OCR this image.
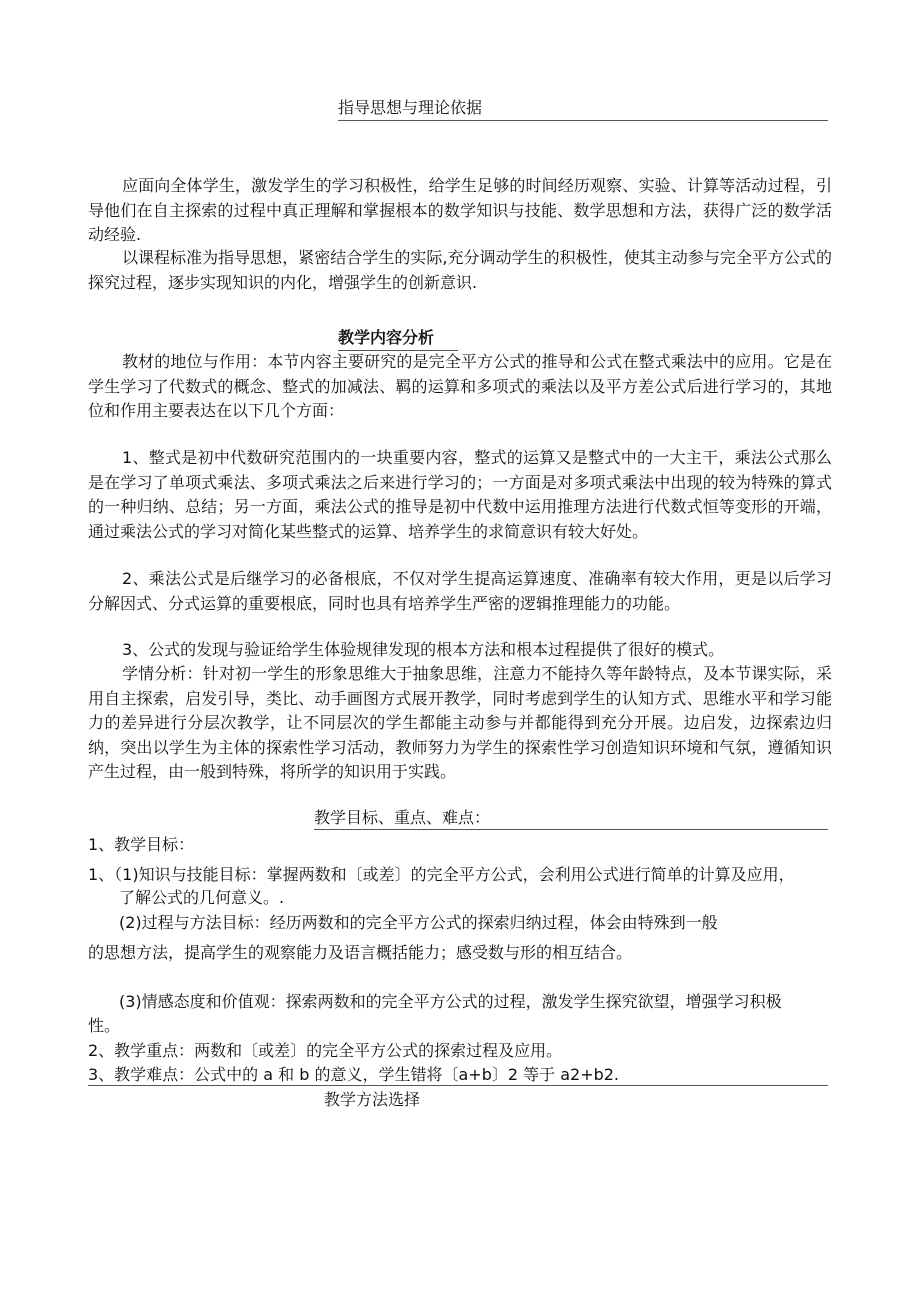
指导思想与理论依据
应面向全体学生，激发学生的学习积极性，给学生足够的时间经历观察、实验、计算等活动过程，引导他们在自主探索的过程中真正理解和掌握根本的数学知识与技能、数学思想和方法，获得广泛的数学活动经验.
以课程标准为指导思想，紧密结合学生的实际,充分调动学生的积极性，使其主动参与完全平方公式的探究过程，逐步实现知识的内化，增强学生的创新意识.
教学内容分析
教材的地位与作用：本节内容主要研究的是完全平方公式的推导和公式在整式乘法中的应用。它是在学生学习了代数式的概念、整式的加减法、羁的运算和多项式的乘法以及平方差公式后进行学习的，其地位和作用主要表达在以下几个方面：
1、整式是初中代数研究范围内的一块重要内容，整式的运算又是整式中的一大主干，乘法公式那么是在学习了单项式乘法、多项式乘法之后来进行学习的；一方面是对多项式乘法中出现的较为特殊的算式的一种归纳、总结；另一方面，乘法公式的推导是初中代数中运用推理方法进行代数式恒等变形的开端，通过乘法公式的学习对简化某些整式的运算、培养学生的求简意识有较大好处。
2、乘法公式是后继学习的必备根底，不仅对学生提高运算速度、准确率有较大作用，更是以后学习分解因式、分式运算的重要根底，同时也具有培养学生严密的逻辑推理能力的功能。
3、公式的发现与验证给学生体验规律发现的根本方法和根本过程提供了很好的模式。
学情分析：针对初一学生的形象思维大于抽象思维，注意力不能持久等年龄特点，及本节课实际，采用自主探索，启发引导，类比、动手画图方式展开教学，同时考虑到学生的认知方式、思维水平和学习能力的差异进行分层次教学，让不同层次的学生都能主动参与并都能得到充分开展。边启发，边探索边归纳，突出以学生为主体的探索性学习活动，教师努力为学生的探索性学习创造知识环境和气氛，遵循知识产生过程，由一般到特殊，将所学的知识用于实践。
教学目标、重点、难点：
1、教学目标：
1、（1)知识与技能目标：掌握两数和〔或差〕的完全平方公式，会利用公式进行简单的计算及应用，
了解公式的几何意义。.
(2)过程与方法目标：经历两数和的完全平方公式的探索归纳过程，体会由特殊到一般
的思想方法，提高学生的观察能力及语言概括能力；感受数与形的相互结合。
(3)情感态度和价值观：探索两数和的完全平方公式的过程，激发学生探究欲望，增强学习积极
性。
2、教学重点：两数和〔或差〕的完全平方公式的探索过程及应用。
3、教学难点：公式中的 a 和 b 的意义，学生错将〔a+b〕2 等于 a2+b2.
教学方法选择
